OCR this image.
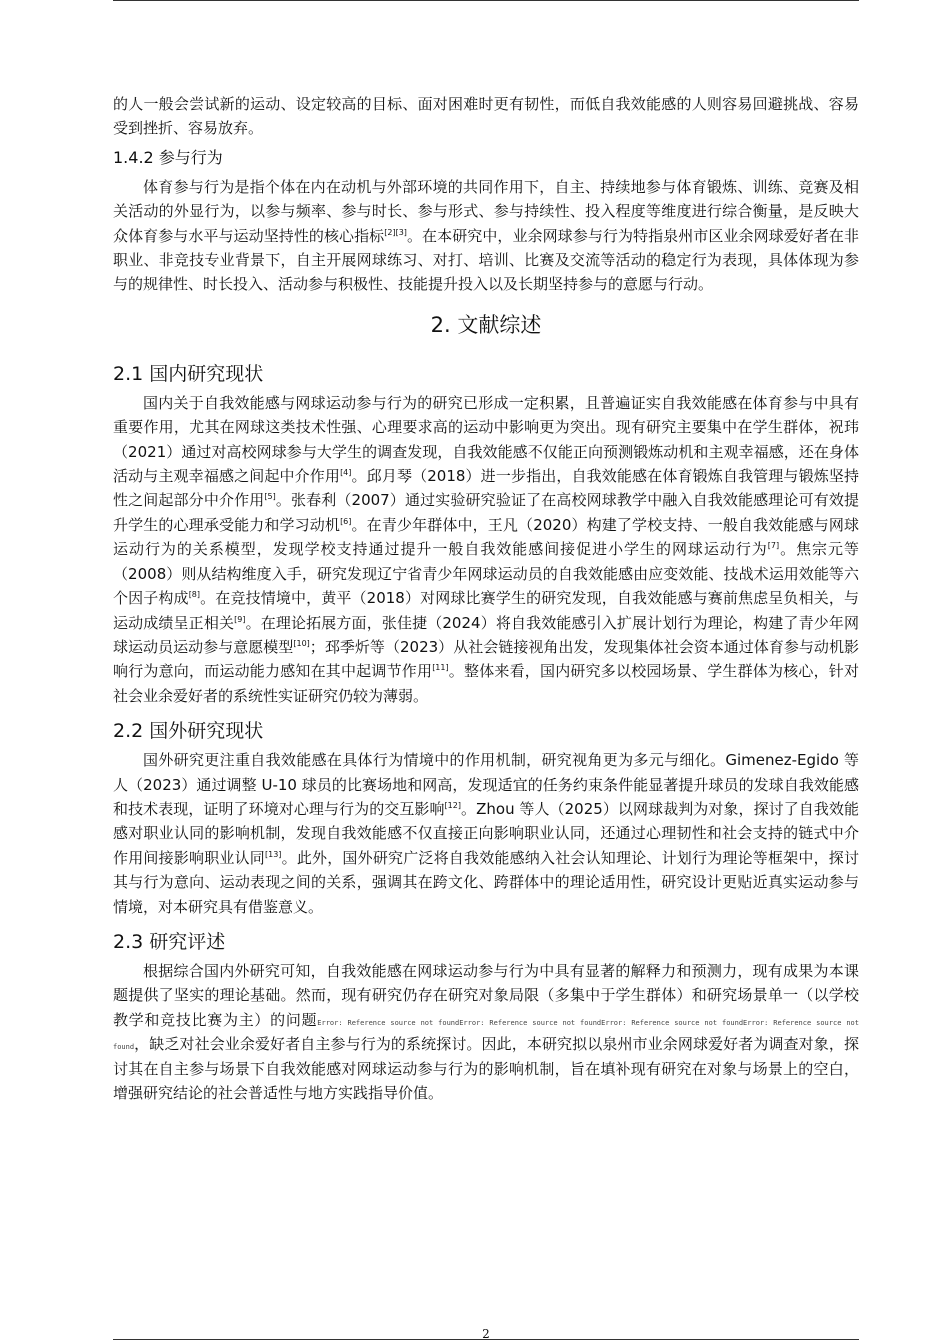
的人一般会尝试新的运动、设定较高的目标、面对困难时更有韧性，而低自我效能感的人则容易回避挑战、容易受到挫折、容易放弃。

1.4.2 参与行为

体育参与行为是指个体在内在动机与外部环境的共同作用下，自主、持续地参与体育锻炼、训练、竞赛及相关活动的外显行为，以参与频率、参与时长、参与形式、参与持续性、投入程度等维度进行综合衡量，是反映大众体育参与水平与运动坚持性的核心指标[2][3]。在本研究中，业余网球参与行为特指泉州市区业余网球爱好者在非职业、非竞技专业背景下，自主开展网球练习、对打、培训、比赛及交流等活动的稳定行为表现，具体体现为参与的规律性、时长投入、活动参与积极性、技能提升投入以及长期坚持参与的意愿与行动。

2. 文献综述
2.1 国内研究现状

国内关于自我效能感与网球运动参与行为的研究已形成一定积累，且普遍证实自我效能感在体育参与中具有重要作用，尤其在网球这类技术性强、心理要求高的运动中影响更为突出。现有研究主要集中在学生群体，祝玮（2021）通过对高校网球参与大学生的调查发现，自我效能感不仅能正向预测锻炼动机和主观幸福感，还在身体活动与主观幸福感之间起中介作用[4]。邱月琴（2018）进一步指出，自我效能感在体育锻炼自我管理与锻炼坚持性之间起部分中介作用[5]。张春利（2007）通过实验研究验证了在高校网球教学中融入自我效能感理论可有效提升学生的心理承受能力和学习动机[6]。在青少年群体中，王凡（2020）构建了学校支持、一般自我效能感与网球运动行为的关系模型，发现学校支持通过提升一般自我效能感间接促进小学生的网球运动行为[7]。焦宗元等（2008）则从结构维度入手，研究发现辽宁省青少年网球运动员的自我效能感由应变效能、技战术运用效能等六个因子构成[8]。在竞技情境中，黄平（2018）对网球比赛学生的研究发现，自我效能感与赛前焦虑呈负相关，与运动成绩呈正相关[9]。在理论拓展方面，张佳捷（2024）将自我效能感引入扩展计划行为理论，构建了青少年网球运动员运动参与意愿模型[10]；邳季炘等（2023）从社会链接视角出发，发现集体社会资本通过体育参与动机影响行为意向，而运动能力感知在其中起调节作用[11]。整体来看，国内研究多以校园场景、学生群体为核心，针对社会业余爱好者的系统性实证研究仍较为薄弱。

2.2 国外研究现状

国外研究更注重自我效能感在具体行为情境中的作用机制，研究视角更为多元与细化。Gimenez-Egido 等人（2023）通过调整 U-10 球员的比赛场地和网高，发现适宜的任务约束条件能显著提升球员的发球自我效能感和技术表现，证明了环境对心理与行为的交互影响[12]。Zhou 等人（2025）以网球裁判为对象，探讨了自我效能感对职业认同的影响机制，发现自我效能感不仅直接正向影响职业认同，还通过心理韧性和社会支持的链式中介作用间接影响职业认同[13]。此外，国外研究广泛将自我效能感纳入社会认知理论、计划行为理论等框架中，探讨其与行为意向、运动表现之间的关系，强调其在跨文化、跨群体中的理论适用性，研究设计更贴近真实运动参与情境，对本研究具有借鉴意义。

2.3 研究评述

根据综合国内外研究可知，自我效能感在网球运动参与行为中具有显著的解释力和预测力，现有成果为本课题提供了坚实的理论基础。然而，现有研究仍存在研究对象局限（多集中于学生群体）和研究场景单一（以学校教学和竞技比赛为主）的问题Error: Reference source not foundError: Reference source not foundError: Reference source not foundError: Reference source not found，缺乏对社会业余爱好者自主参与行为的系统探讨。因此，本研究拟以泉州市业余网球爱好者为调查对象，探讨其在自主参与场景下自我效能感对网球运动参与行为的影响机制，旨在填补现有研究在对象与场景上的空白，增强研究结论的社会普适性与地方实践指导价值。

2
